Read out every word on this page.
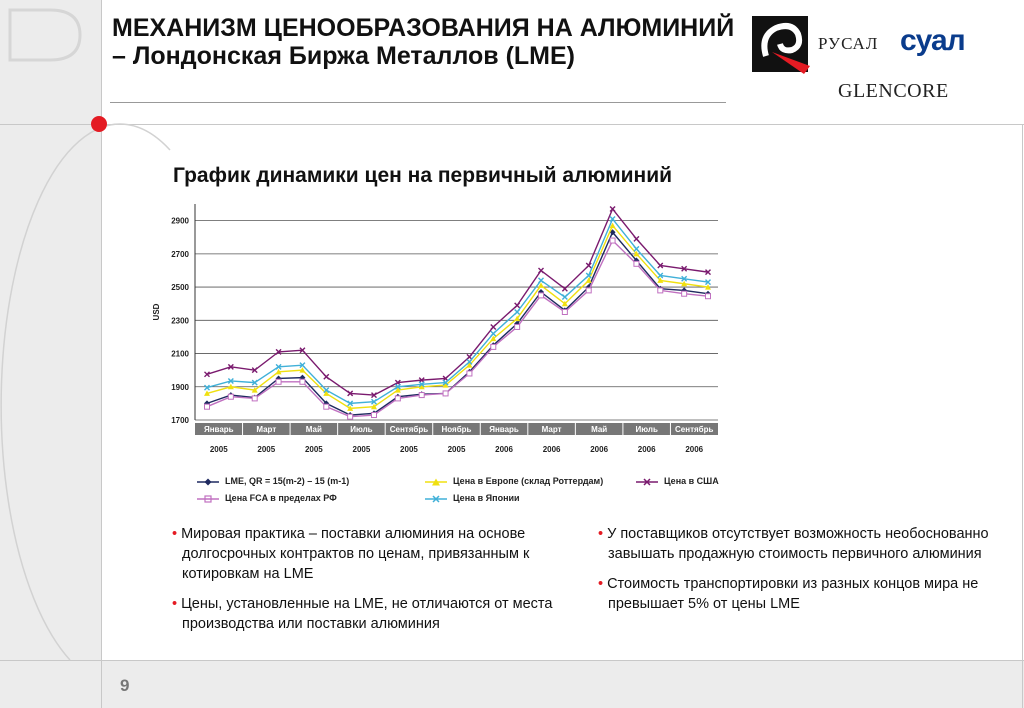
МЕХАНИЗМ ЦЕНООБРАЗОВАНИЯ НА АЛЮМИНИЙ – Лондонская Биржа Металлов (LME)	РУСАЛ суал
GLENCORE
График динамики цен на первичный алюминий
1700
1900
2100
2300
2500
2700
2900
USD
Январь
2005
Март
2005
Май
2005
Июль
2005
Сентябрь
2005
Ноябрь
2005
Январь
2006
Март
2006
Май
2006
Июль
2006
Сентябрь
2006
LME, QR = 15(m-2) – 15 (m-1)
Цена FCA в пределах РФ
Цена в Европе (склад Роттердам)
Цена в Японии
Цена в США

• Мировая практика – поставки алюминия на основе долгосрочных контрактов по ценам, привязанным к котировкам на LME

• Цены, установленные на LME, не отличаются от места производства или поставки алюминия

• У поставщиков отсутствует возможность необоснованно завышать продажную стоимость первичного алюминия

• Стоимость транспортировки из разных концов мира не превышает 5% от цены LME

9
